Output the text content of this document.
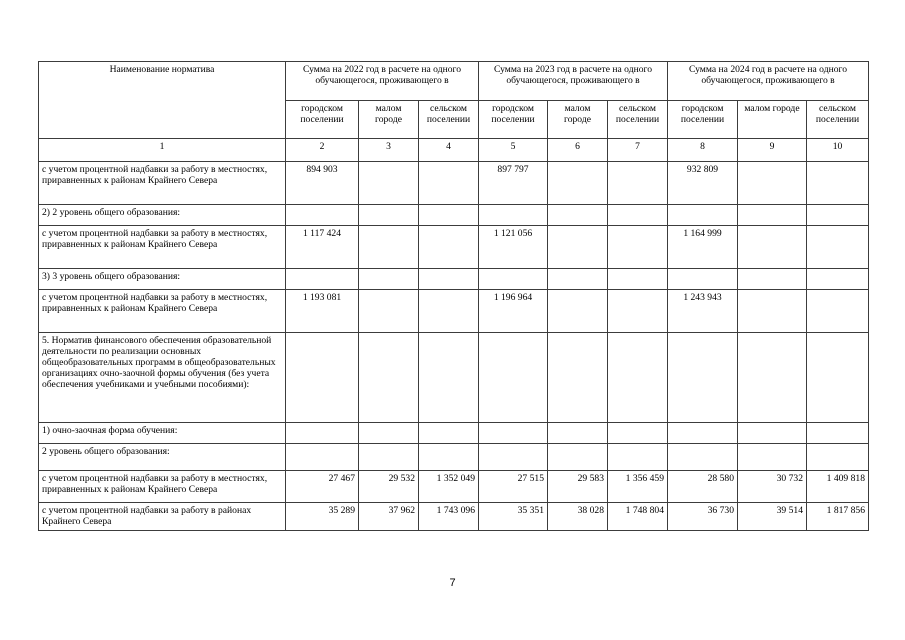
Наименование норматива	Сумма на 2022 год в расчете на одного обучающегося, проживающего в			Сумма на 2023 год в расчете на одного обучающегося, проживающего в			Сумма на 2024 год в расчете на одного обучающегося, проживающего в		
	городском поселении	малом городе	сельском поселении	городском поселении	малом городе	сельском поселении	городском поселении	малом городе	сельском поселении
1	2	3	4	5	6	7	8	9	10
с учетом процентной надбавки за работу в местностях, приравненных к районам Крайнего Севера	894 903			897 797			932 809		
2) 2 уровень общего образования:									
с учетом процентной надбавки за работу в местностях, приравненных к районам Крайнего Севера	1 117 424			1 121 056			1 164 999		
3) 3 уровень общего образования:									
с учетом процентной надбавки за работу в местностях, приравненных к районам Крайнего Севера	1 193 081			1 196 964			1 243 943		
5. Норматив финансового обеспечения образовательной деятельности по реализации основных общеобразовательных программ в общеобразовательных организациях очно-заочной формы обучения (без учета обеспечения учебниками и учебными пособиями):									
1) очно-заочная форма обучения:									
2 уровень общего образования:									
с учетом процентной надбавки за работу в местностях, приравненных к районам Крайнего Севера	27 467	29 532	1 352 049	27 515	29 583	1 356 459	28 580	30 732	1 409 818
с учетом процентной надбавки за работу в районах Крайнего Севера	35 289	37 962	1 743 096	35 351	38 028	1 748 804	36 730	39 514	1 817 856
7
